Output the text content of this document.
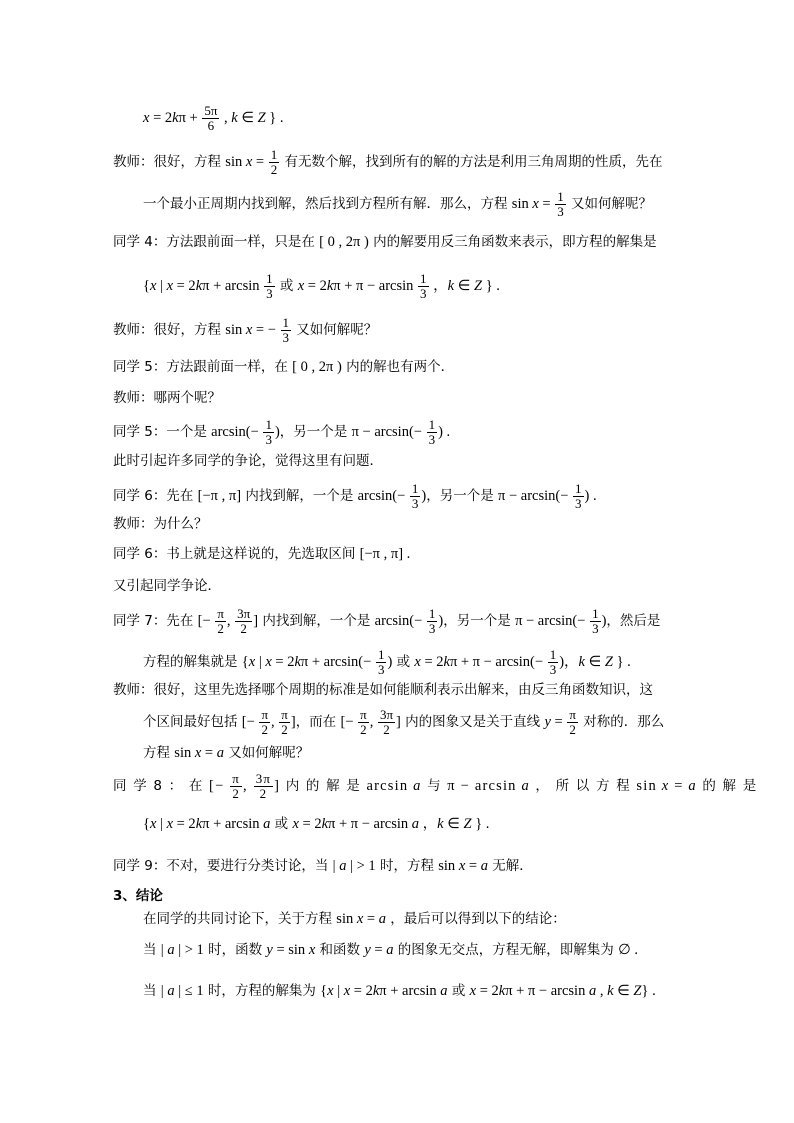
$x = 2k\pi + \frac{5\pi}{6}$ , k ∈ Z } .
教师：很好，方程 $\sin x = \frac{1}{2}$ 有无数个解，找到所有的解的方法是利用三角周期的性质，先在
一个最小正周期内找到解，然后找到方程所有解．那么，方程 $\sin x = \frac{1}{3}$ 又如何解呢？
同学 4：方法跟前面一样，只是在 [ 0 , 2π ) 内的解要用反三角函数来表示，即方程的解集是
{x | $x = 2k\pi + \arcsin \frac{1}{3}$ 或 $x = 2k\pi + \pi - \arcsin \frac{1}{3}$ ，k ∈ Z } .
教师：很好，方程 sin x = − $\frac{1}{3}$ 又如何解呢？
同学 5：方法跟前面一样，在 [ 0 , 2π ) 内的解也有两个．
教师：哪两个呢？
同学 5：一个是 $\arcsin(- \frac{1}{3}$ )，另一个是 $\pi - \arcsin(- \frac{1}{3}$ ) .
此时引起许多同学的争论，觉得这里有问题．
同学 6：先在 [−π , π] 内找到解，一个是 $\arcsin(- \frac{1}{3}$ )，另一个是 $\pi - \arcsin(- \frac{1}{3}$ ) .
教师：为什么？
同学 6：书上就是这样说的，先选取区间 [−π , π] .
又引起同学争论．
同学 7：先在 [− $\frac{\pi}{2}$ , $\frac{3\pi}{2}$ ] 内找到解，一个是 $\arcsin(- \frac{1}{3}$ )，另一个是 $\pi - \arcsin(- \frac{1}{3}$ )，然后是
方程的解集就是 {x | $x = 2k\pi + \arcsin(- \frac{1}{3}$ ) 或 $x = 2k\pi + \pi - \arcsin(- \frac{1}{3}$ )，k ∈ Z } .
教师：很好，这里先选择哪个周期的标准是如何能顺利表示出解来，由反三角函数知识，这
个区间最好包括 [− $\frac{\pi}{2}$ , $\frac{\pi}{2}$ ]，而在 [− $\frac{\pi}{2}$ , $\frac{3\pi}{2}$ ] 内的图象又是关于直线 $y = \frac{\pi}{2}$ 对称的．那么
方程 sin x = a 又如何解呢？
同 学 8 ： 在 [− $\frac{\pi}{2}$ , $\frac{3\pi}{2}$ ] 内 的 解 是 arcsin a 与 π − arcsin a ， 所 以 方 程 sin x = a 的 解 是
{x | x = 2kπ + arcsin a 或 x = 2kπ + π − arcsin a ，k ∈ Z } .
同学 9：不对，要进行分类讨论，当 | a | > 1 时，方程 sin x = a 无解．
3、结论
在同学的共同讨论下，关于方程 sin x = a ，最后可以得到以下的结论：
当 | a | > 1 时，函数 y = sin x 和函数 y = a 的图象无交点，方程无解，即解集为 ∅ .
当 | a | ≤ 1 时，方程的解集为 {x | x = 2kπ + arcsin a 或 x = 2kπ + π − arcsin a , k ∈ Z} .
